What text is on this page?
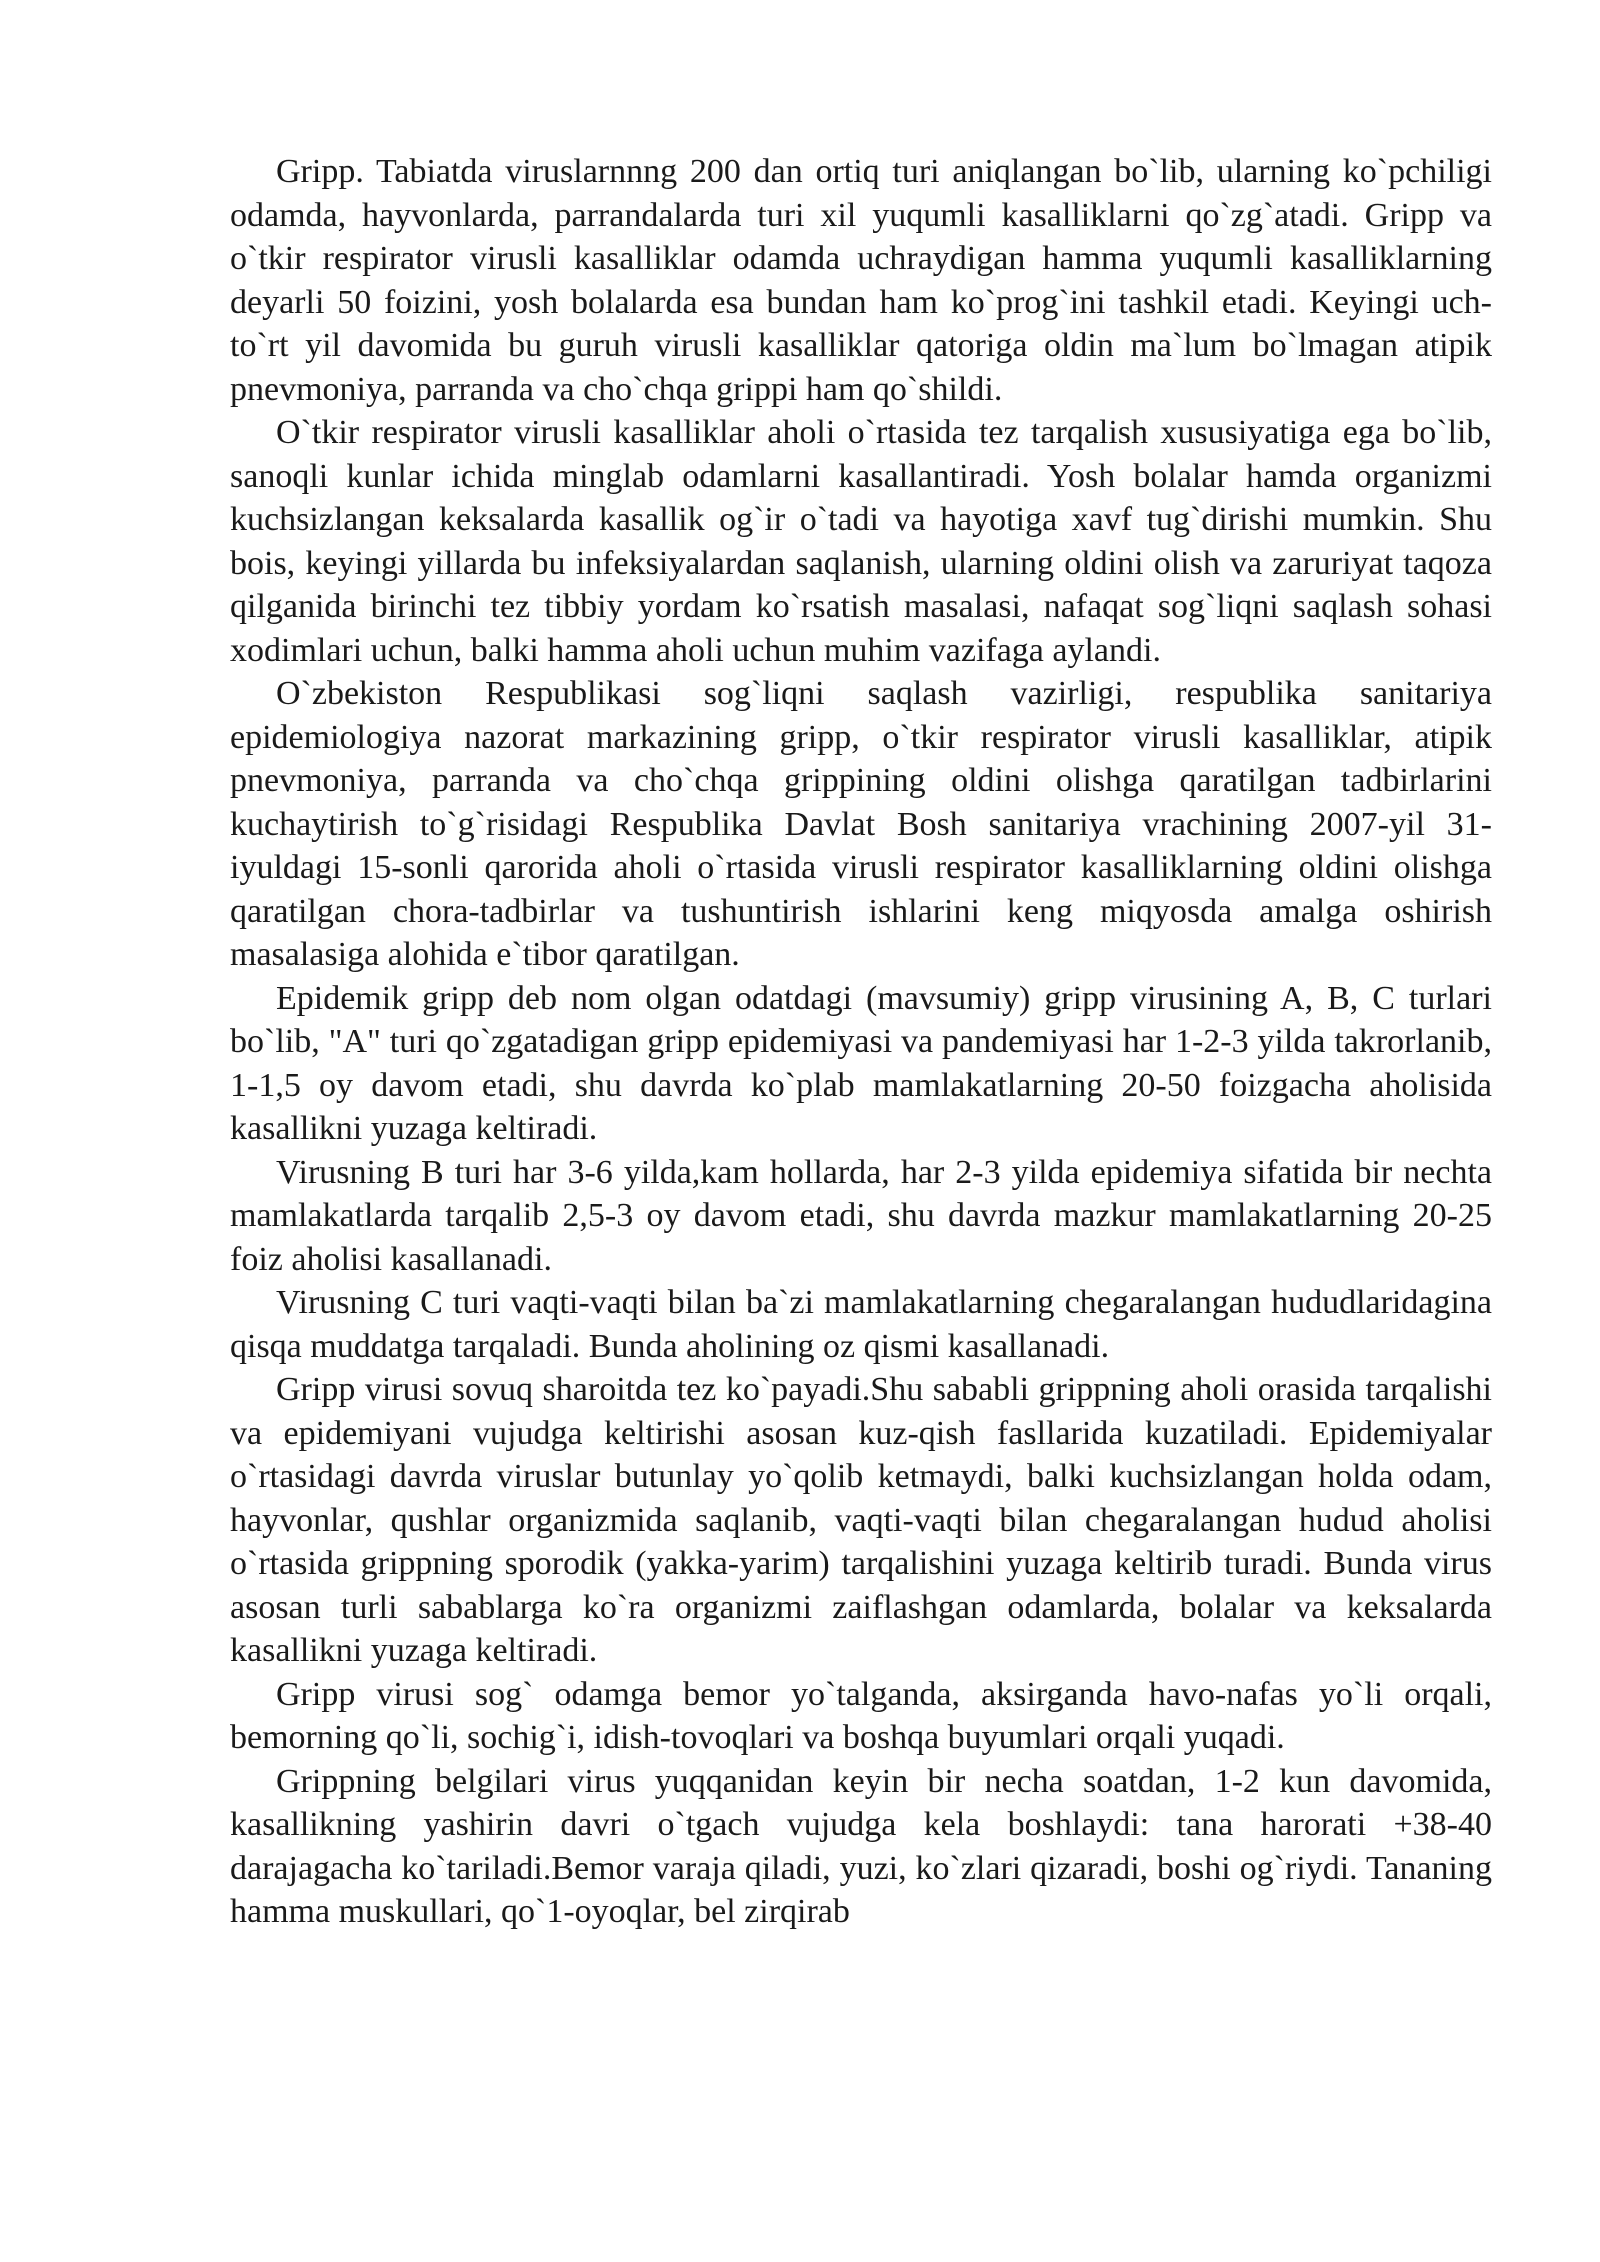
Gripp. Tabiatda viruslarnnng 200 dan ortiq turi aniqlangan bo`lib, ularning ko`pchiligi odamda, hayvonlarda, parrandalarda turi xil yuqumli kasalliklarni qo`zg`atadi. Gripp va o`tkir respirator virusli kasalliklar odamda uchraydigan hamma yuqumli kasalliklarning deyarli 50 foizini, yosh bolalarda esa bundan ham ko`prog`ini tashkil etadi. Keyingi uch-to`rt yil davomida bu guruh virusli kasalliklar qatoriga oldin ma`lum bo`lmagan atipik pnevmoniya, parranda va cho`chqa grippi ham qo`shildi.

O`tkir respirator virusli kasalliklar aholi o`rtasida tez tarqalish xususiyatiga ega bo`lib, sanoqli kunlar ichida minglab odamlarni kasallantiradi. Yosh bolalar hamda organizmi kuchsizlangan keksalarda kasallik og`ir o`tadi va hayotiga xavf tug`dirishi mumkin. Shu bois, keyingi yillarda bu infeksiyalardan saqlanish, ularning oldini olish va zaruriyat taqoza qilganida birinchi tez tibbiy yordam ko`rsatish masalasi, nafaqat sog`liqni saqlash sohasi xodimlari uchun, balki hamma aholi uchun muhim vazifaga aylandi.

O`zbekiston Respublikasi sog`liqni saqlash vazirligi, respublika sanitariya epidemiologiya nazorat markazining gripp, o`tkir respirator virusli kasalliklar, atipik pnevmoniya, parranda va cho`chqa grippining oldini olishga qaratilgan tadbirlarini kuchaytirish to`g`risidagi Respublika Davlat Bosh sanitariya vrachining 2007-yil 31-iyuldagi 15-sonli qarorida aholi o`rtasida virusli respirator kasalliklarning oldini olishga qaratilgan chora-tadbirlar va tushuntirish ishlarini keng miqyosda amalga oshirish masalasiga alohida e`tibor qaratilgan.

Epidemik gripp deb nom olgan odatdagi (mavsumiy) gripp virusining A, B, C turlari bo`lib, "A" turi qo`zgatadigan gripp epidemiyasi va pandemiyasi har 1-2-3 yilda takrorlanib, 1-1,5 oy davom etadi, shu davrda ko`plab mamlakatlarning 20-50 foizgacha aholisida kasallikni yuzaga keltiradi.

Virusning B turi har 3-6 yilda,kam hollarda, har 2-3 yilda epidemiya sifatida bir nechta mamlakatlarda tarqalib 2,5-3 oy davom etadi, shu davrda mazkur mamlakatlarning 20-25 foiz aholisi kasallanadi.

Virusning C turi vaqti-vaqti bilan ba`zi mamlakatlarning chegaralangan hududlaridagina qisqa muddatga tarqaladi. Bunda aholining oz qismi kasallanadi.

Gripp virusi sovuq sharoitda tez ko`payadi.Shu sababli grippning aholi orasida tarqalishi va epidemiyani vujudga keltirishi asosan kuz-qish fasllarida kuzatiladi. Epidemiyalar o`rtasidagi davrda viruslar butunlay yo`qolib ketmaydi, balki kuchsizlangan holda odam, hayvonlar, qushlar organizmida saqlanib, vaqti-vaqti bilan chegaralangan hudud aholisi o`rtasida grippning sporodik (yakka-yarim) tarqalishini yuzaga keltirib turadi. Bunda virus asosan turli sabablarga ko`ra organizmi zaiflashgan odamlarda, bolalar va keksalarda kasallikni yuzaga keltiradi.

Gripp virusi sog` odamga bemor yo`talganda, aksirganda havo-nafas yo`li orqali, bemorning qo`li, sochig`i, idish-tovoqlari va boshqa buyumlari orqali yuqadi.

Grippning belgilari virus yuqqanidan keyin bir necha soatdan, 1-2 kun davomida, kasallikning yashirin davri o`tgach vujudga kela boshlaydi: tana harorati +38-40 darajagacha ko`tariladi.Bemor varaja qiladi, yuzi, ko`zlari qizaradi, boshi og`riydi. Tananing hamma muskullari, qo`1-oyoqlar, bel zirqirab
